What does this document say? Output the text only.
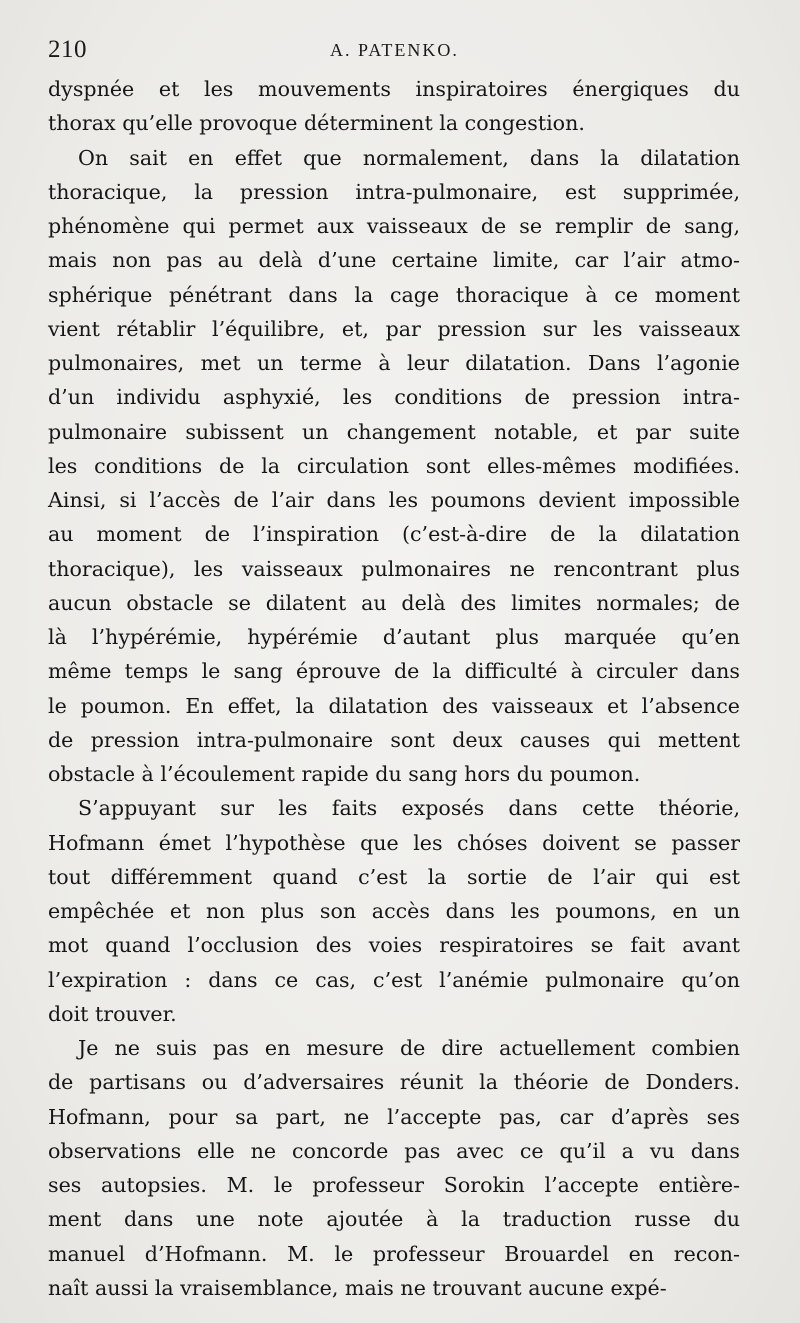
210	A. PATENKO.
dyspnée et les mouvements inspiratoires énergiques du
thorax qu’elle provoque déterminent la congestion.
On sait en effet que normalement, dans la dilatation
thoracique, la pression intra-pulmonaire, est supprimée,
phénomène qui permet aux vaisseaux de se remplir de sang,
mais non pas au delà d’une certaine limite, car l’air atmo-
sphérique pénétrant dans la cage thoracique à ce moment
vient rétablir l’équilibre, et, par pression sur les vaisseaux
pulmonaires, met un terme à leur dilatation. Dans l’agonie
d’un individu asphyxié, les conditions de pression intra-
pulmonaire subissent un changement notable, et par suite
les conditions de la circulation sont elles-mêmes modifiées.
Ainsi, si l’accès de l’air dans les poumons devient impossible
au moment de l’inspiration (c’est-à-dire de la dilatation
thoracique), les vaisseaux pulmonaires ne rencontrant plus
aucun obstacle se dilatent au delà des limites normales; de
là l’hypérémie, hypérémie d’autant plus marquée qu’en
même temps le sang éprouve de la difficulté à circuler dans
le poumon. En effet, la dilatation des vaisseaux et l’absence
de pression intra-pulmonaire sont deux causes qui mettent
obstacle à l’écoulement rapide du sang hors du poumon.
S’appuyant sur les faits exposés dans cette théorie,
Hofmann émet l’hypothèse que les chóses doivent se passer
tout différemment quand c’est la sortie de l’air qui est
empêchée et non plus son accès dans les poumons, en un
mot quand l’occlusion des voies respiratoires se fait avant
l’expiration : dans ce cas, c’est l’anémie pulmonaire qu’on
doit trouver.
Je ne suis pas en mesure de dire actuellement combien
de partisans ou d’adversaires réunit la théorie de Donders.
Hofmann, pour sa part, ne l’accepte pas, car d’après ses
observations elle ne concorde pas avec ce qu’il a vu dans
ses autopsies. M. le professeur Sorokin l’accepte entière-
ment dans une note ajoutée à la traduction russe du
manuel d’Hofmann. M. le professeur Brouardel en recon-
naît aussi la vraisemblance, mais ne trouvant aucune expé-
